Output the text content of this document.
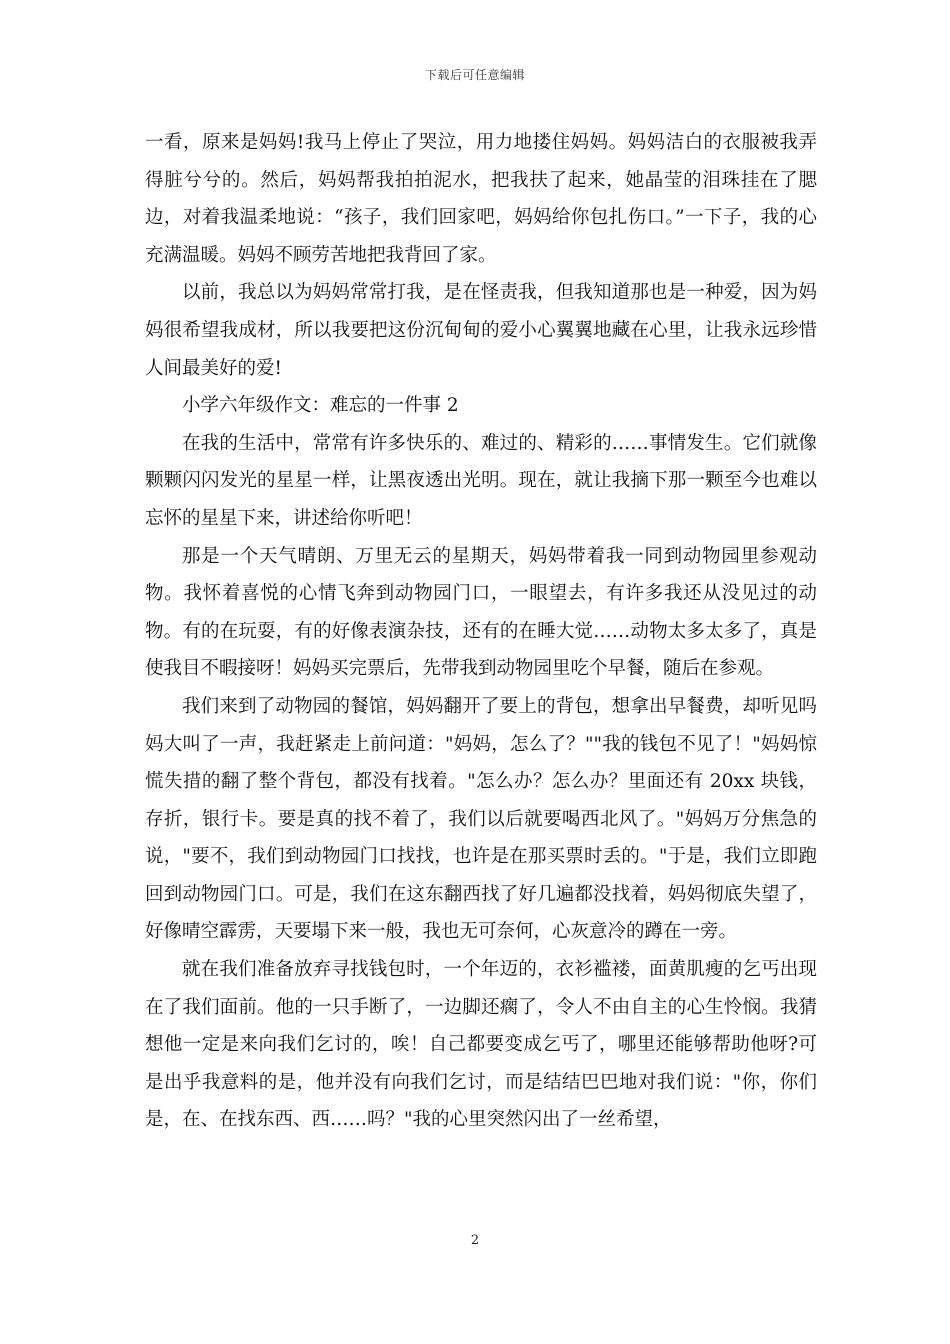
下载后可任意编辑

一看，原来是妈妈!我马上停止了哭泣，用力地搂住妈妈。妈妈洁白的衣服被我弄得脏兮兮的。然后，妈妈帮我拍拍泥水，把我扶了起来，她晶莹的泪珠挂在了腮边，对着我温柔地说：“孩子，我们回家吧，妈妈给你包扎伤口。”一下子，我的心充满温暖。妈妈不顾劳苦地把我背回了家。

以前，我总以为妈妈常常打我，是在怪责我，但我知道那也是一种爱，因为妈妈很希望我成材，所以我要把这份沉甸甸的爱小心翼翼地藏在心里，让我永远珍惜人间最美好的爱!

小学六年级作文：难忘的一件事 2

在我的生活中，常常有许多快乐的、难过的、精彩的……事情发生。它们就像颗颗闪闪发光的星星一样，让黑夜透出光明。现在，就让我摘下那一颗至今也难以忘怀的星星下来，讲述给你听吧！

那是一个天气晴朗、万里无云的星期天，妈妈带着我一同到动物园里参观动物。我怀着喜悦的心情飞奔到动物园门口，一眼望去，有许多我还从没见过的动物。有的在玩耍，有的好像表演杂技，还有的在睡大觉……动物太多太多了，真是使我目不暇接呀！妈妈买完票后，先带我到动物园里吃个早餐，随后在参观。

我们来到了动物园的餐馆，妈妈翻开了要上的背包，想拿出早餐费，却听见吗妈大叫了一声，我赶紧走上前问道："妈妈，怎么了？""我的钱包不见了！"妈妈惊慌失措的翻了整个背包，都没有找着。"怎么办？怎么办？里面还有 20xx 块钱，存折，银行卡。要是真的找不着了，我们以后就要喝西北风了。"妈妈万分焦急的说，"要不，我们到动物园门口找找，也许是在那买票时丢的。"于是，我们立即跑回到动物园门口。可是，我们在这东翻西找了好几遍都没找着，妈妈彻底失望了，好像晴空霹雳，天要塌下来一般，我也无可奈何，心灰意冷的蹲在一旁。

就在我们准备放弃寻找钱包时，一个年迈的，衣衫褴褛，面黄肌瘦的乞丐出现在了我们面前。他的一只手断了，一边脚还瘸了，令人不由自主的心生怜悯。我猜想他一定是来向我们乞讨的，唉！自己都要变成乞丐了，哪里还能够帮助他呀?可是出乎我意料的是，他并没有向我们乞讨，而是结结巴巴地对我们说："你，你们是，在、在找东西、西……吗？"我的心里突然闪出了一丝希望，

2
